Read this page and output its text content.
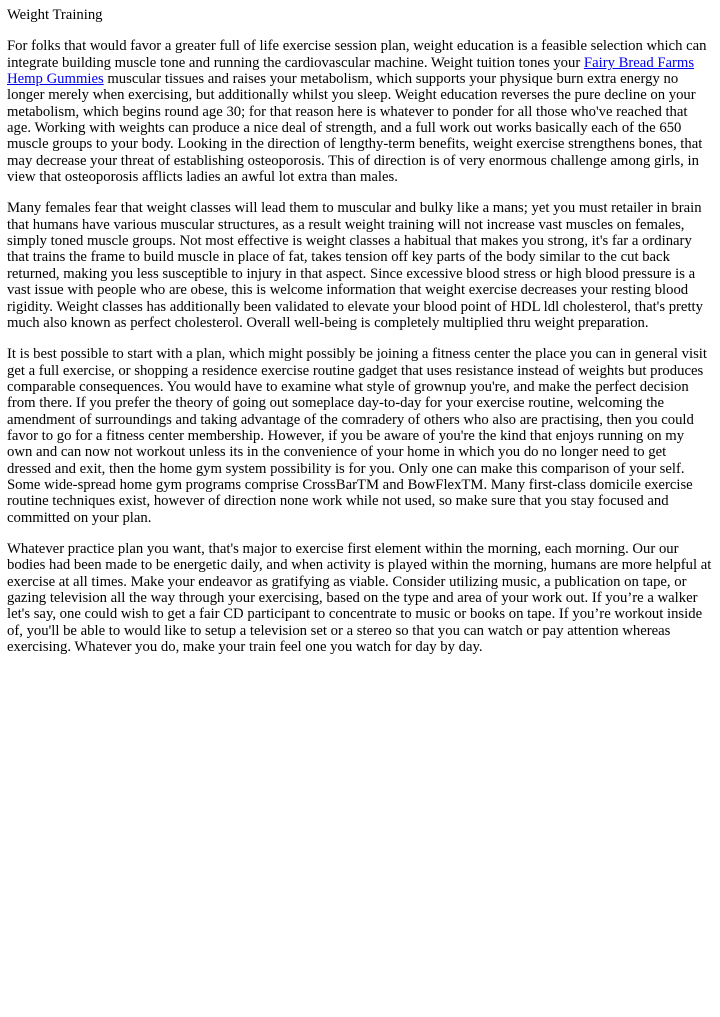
Weight Training

For folks that would favor a greater full of life exercise session plan, weight education is a feasible selection which can integrate building muscle tone and running the cardiovascular machine. Weight tuition tones your Fairy Bread Farms Hemp Gummies muscular tissues and raises your metabolism, which supports your physique burn extra energy no longer merely when exercising, but additionally whilst you sleep. Weight education reverses the pure decline on your metabolism, which begins round age 30; for that reason here is whatever to ponder for all those who've reached that age. Working with weights can produce a nice deal of strength, and a full work out works basically each of the 650 muscle groups to your body. Looking in the direction of lengthy-term benefits, weight exercise strengthens bones, that may decrease your threat of establishing osteoporosis. This of direction is of very enormous challenge among girls, in view that osteoporosis afflicts ladies an awful lot extra than males.

Many females fear that weight classes will lead them to muscular and bulky like a mans; yet you must retailer in brain that humans have various muscular structures, as a result weight training will not increase vast muscles on females, simply toned muscle groups. Not most effective is weight classes a habitual that makes you strong, it's far a ordinary that trains the frame to build muscle in place of fat, takes tension off key parts of the body similar to the cut back returned, making you less susceptible to injury in that aspect. Since excessive blood stress or high blood pressure is a vast issue with people who are obese, this is welcome information that weight exercise decreases your resting blood rigidity. Weight classes has additionally been validated to elevate your blood point of HDL ldl cholesterol, that's pretty much also known as perfect cholesterol. Overall well-being is completely multiplied thru weight preparation.

It is best possible to start with a plan, which might possibly be joining a fitness center the place you can in general visit get a full exercise, or shopping a residence exercise routine gadget that uses resistance instead of weights but produces comparable consequences. You would have to examine what style of grownup you're, and make the perfect decision from there. If you prefer the theory of going out someplace day-to-day for your exercise routine, welcoming the amendment of surroundings and taking advantage of the comradery of others who also are practising, then you could favor to go for a fitness center membership. However, if you be aware of you're the kind that enjoys running on my own and can now not workout unless its in the convenience of your home in which you do no longer need to get dressed and exit, then the home gym system possibility is for you. Only one can make this comparison of your self. Some wide-spread home gym programs comprise CrossBarTM and BowFlexTM. Many first-class domicile exercise routine techniques exist, however of direction none work while not used, so make sure that you stay focused and committed on your plan.

Whatever practice plan you want, that's major to exercise first element within the morning, each morning. Our our bodies had been made to be energetic daily, and when activity is played within the morning, humans are more helpful at exercise at all times. Make your endeavor as gratifying as viable. Consider utilizing music, a publication on tape, or gazing television all the way through your exercising, based on the type and area of your work out. If you’re a walker let's say, one could wish to get a fair CD participant to concentrate to music or books on tape. If you’re workout inside of, you'll be able to would like to setup a television set or a stereo so that you can watch or pay attention whereas exercising. Whatever you do, make your train feel one you watch for day by day.
